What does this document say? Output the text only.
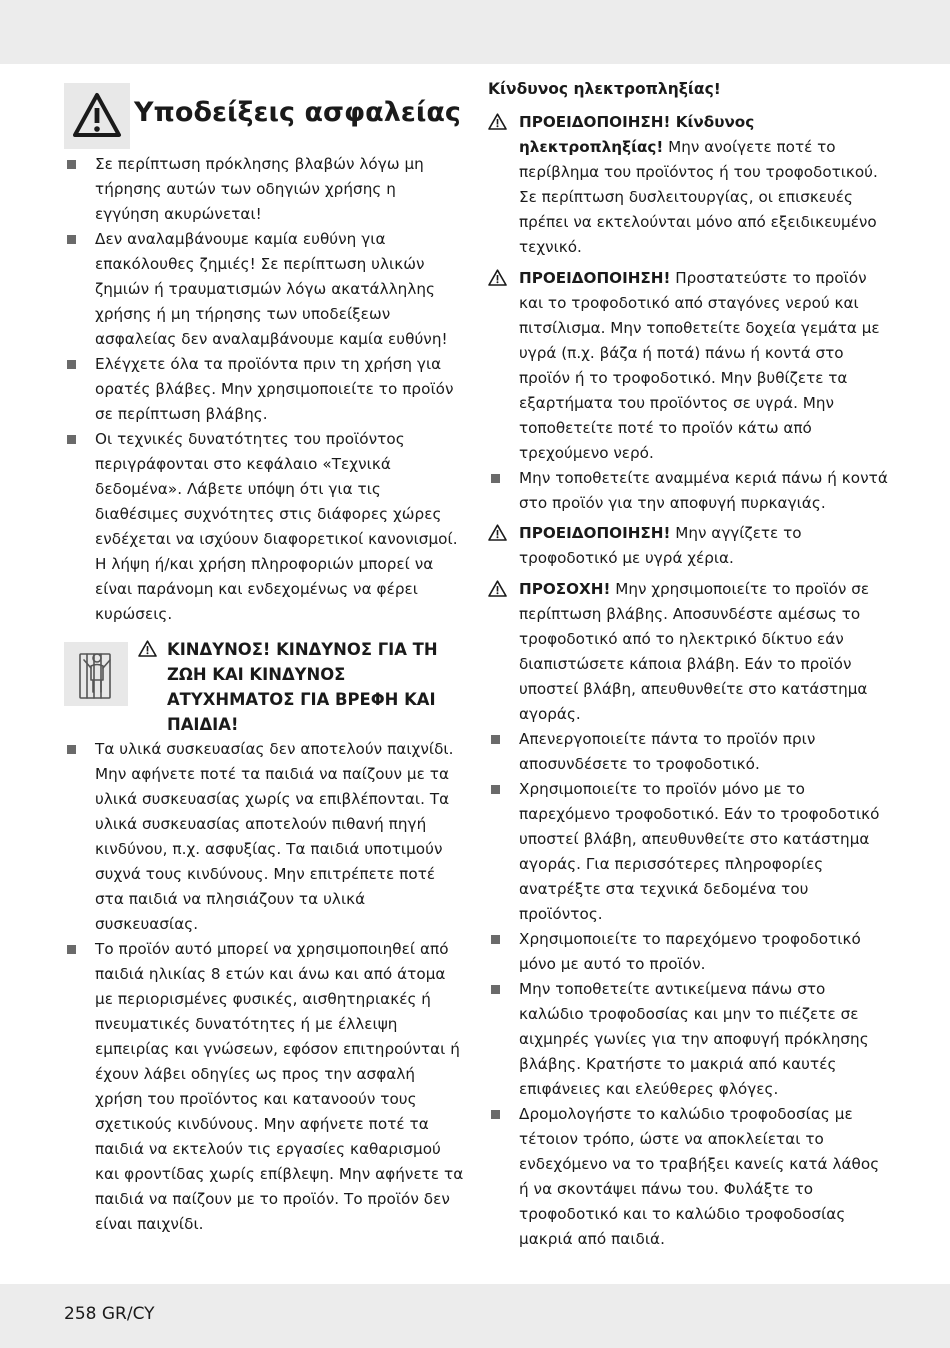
Υποδείξεις ασφαλείας
Σε περίπτωση πρόκλησης βλαβών λόγω μη τήρησης αυτών των οδηγιών χρήσης η εγγύηση ακυρώνεται!
Δεν αναλαμβάνουμε καμία ευθύνη για επακόλουθες ζημιές! Σε περίπτωση υλικών ζημιών ή τραυματισμών λόγω ακατάλληλης χρήσης ή μη τήρησης των υποδείξεων ασφαλείας δεν αναλαμβάνουμε καμία ευθύνη!
Ελέγχετε όλα τα προϊόντα πριν τη χρήση για ορατές βλάβες. Μην χρησιμοποιείτε το προϊόν σε περίπτωση βλάβης.
Οι τεχνικές δυνατότητες του προϊόντος περιγράφονται στο κεφάλαιο «Τεχνικά δεδομένα». Λάβετε υπόψη ότι για τις διαθέσιμες συχνότητες στις διάφορες χώρες ενδέχεται να ισχύουν διαφορετικοί κανονισμοί. Η λήψη ή/και χρήση πληροφοριών μπορεί να είναι παράνομη και ενδεχομένως να φέρει κυρώσεις.
ΚΙΝΔΥΝΟΣ! ΚΙΝΔΥΝΟΣ ΓΙΑ ΤΗ ΖΩΗ ΚΑΙ ΚΙΝΔΥΝΟΣ ΑΤΥΧΗΜΑΤΟΣ ΓΙΑ ΒΡΕΦΗ ΚΑΙ ΠΑΙΔΙΑ!
Τα υλικά συσκευασίας δεν αποτελούν παιχνίδι. Μην αφήνετε ποτέ τα παιδιά να παίζουν με τα υλικά συσκευασίας χωρίς να επιβλέπονται. Τα υλικά συσκευασίας αποτελούν πιθανή πηγή κινδύνου, π.χ. ασφυξίας. Τα παιδιά υποτιμούν συχνά τους κινδύνους. Μην επιτρέπετε ποτέ στα παιδιά να πλησιάζουν τα υλικά συσκευασίας.
Το προϊόν αυτό μπορεί να χρησιμοποιηθεί από παιδιά ηλικίας 8 ετών και άνω και από άτομα με περιορισμένες φυσικές, αισθητηριακές ή πνευματικές δυνατότητες ή με έλλειψη εμπειρίας και γνώσεων, εφόσον επιτηρούνται ή έχουν λάβει οδηγίες ως προς την ασφαλή χρήση του προϊόντος και κατανοούν τους σχετικούς κινδύνους. Μην αφήνετε ποτέ τα παιδιά να εκτελούν τις εργασίες καθαρισμού και φροντίδας χωρίς επίβλεψη. Μην αφήνετε τα παιδιά να παίζουν με το προϊόν. Το προϊόν δεν είναι παιχνίδι.
Κίνδυνος ηλεκτροπληξίας!
ΠΡΟΕΙΔΟΠΟΙΗΣΗ! Κίνδυνος ηλεκτροπληξίας! Μην ανοίγετε ποτέ το περίβλημα του προϊόντος ή του τροφοδοτικού. Σε περίπτωση δυσλειτουργίας, οι επισκευές πρέπει να εκτελούνται μόνο από εξειδικευμένο τεχνικό.
ΠΡΟΕΙΔΟΠΟΙΗΣΗ! Προστατεύστε το προϊόν και το τροφοδοτικό από σταγόνες νερού και πιτσίλισμα. Μην τοποθετείτε δοχεία γεμάτα με υγρά (π.χ. βάζα ή ποτά) πάνω ή κοντά στο προϊόν ή το τροφοδοτικό. Μην βυθίζετε τα εξαρτήματα του προϊόντος σε υγρά. Μην τοποθετείτε ποτέ το προϊόν κάτω από τρεχούμενο νερό.
Μην τοποθετείτε αναμμένα κεριά πάνω ή κοντά στο προϊόν για την αποφυγή πυρκαγιάς.
ΠΡΟΕΙΔΟΠΟΙΗΣΗ! Μην αγγίζετε το τροφοδοτικό με υγρά χέρια.
ΠΡΟΣΟΧΗ! Μην χρησιμοποιείτε το προϊόν σε περίπτωση βλάβης. Αποσυνδέστε αμέσως το τροφοδοτικό από το ηλεκτρικό δίκτυο εάν διαπιστώσετε κάποια βλάβη. Εάν το προϊόν υποστεί βλάβη, απευθυνθείτε στο κατάστημα αγοράς.
Απενεργοποιείτε πάντα το προϊόν πριν αποσυνδέσετε το τροφοδοτικό.
Χρησιμοποιείτε το προϊόν μόνο με το παρεχόμενο τροφοδοτικό. Εάν το τροφοδοτικό υποστεί βλάβη, απευθυνθείτε στο κατάστημα αγοράς. Για περισσότερες πληροφορίες ανατρέξτε στα τεχνικά δεδομένα του προϊόντος.
Χρησιμοποιείτε το παρεχόμενο τροφοδοτικό μόνο με αυτό το προϊόν.
Μην τοποθετείτε αντικείμενα πάνω στο καλώδιο τροφοδοσίας και μην το πιέζετε σε αιχμηρές γωνίες για την αποφυγή πρόκλησης βλάβης. Κρατήστε το μακριά από καυτές επιφάνειες και ελεύθερες φλόγες.
Δρομολογήστε το καλώδιο τροφοδοσίας με τέτοιον τρόπο, ώστε να αποκλείεται το ενδεχόμενο να το τραβήξει κανείς κατά λάθος ή να σκοντάψει πάνω του. Φυλάξτε το τροφοδοτικό και το καλώδιο τροφοδοσίας μακριά από παιδιά.
258 GR/CY
